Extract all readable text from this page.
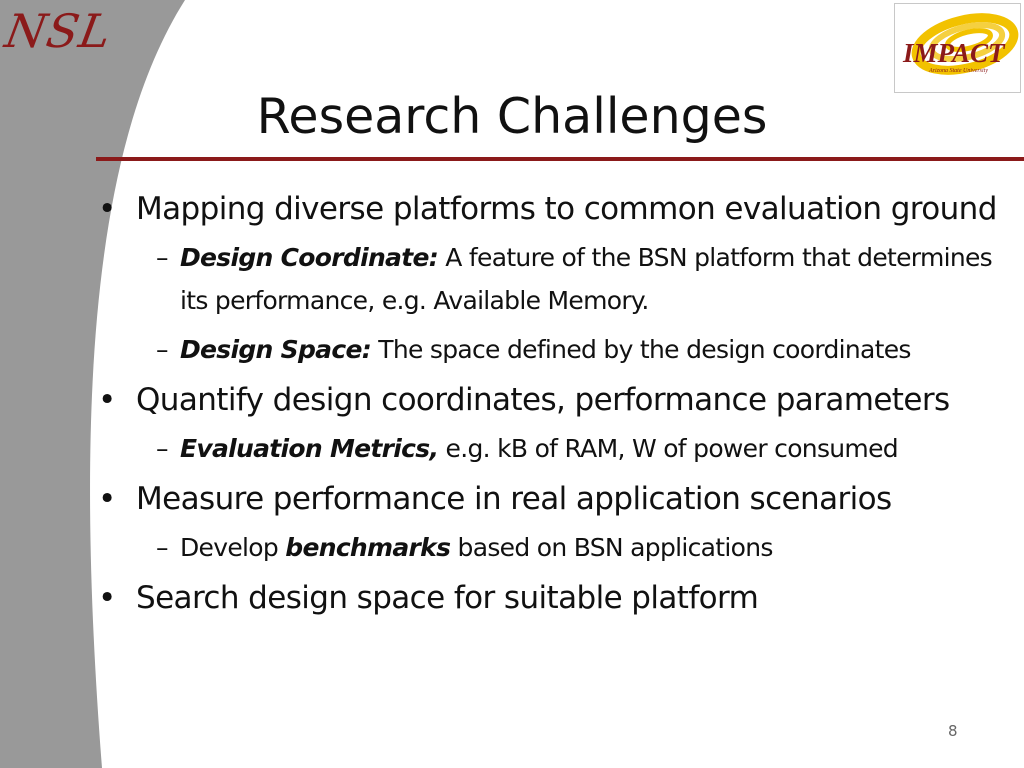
NSL	IMPACT
Arizona State University
Research Challenges
• Mapping diverse platforms to common evaluation ground
– Design Coordinate: A feature of the BSN platform that determines its performance, e.g. Available Memory.
– Design Space: The space defined by the design coordinates
• Quantify design coordinates, performance parameters
– Evaluation Metrics, e.g. kB of RAM, W of power consumed
• Measure performance in real application scenarios
– Develop benchmarks based on BSN applications
• Search design space for suitable platform
8
